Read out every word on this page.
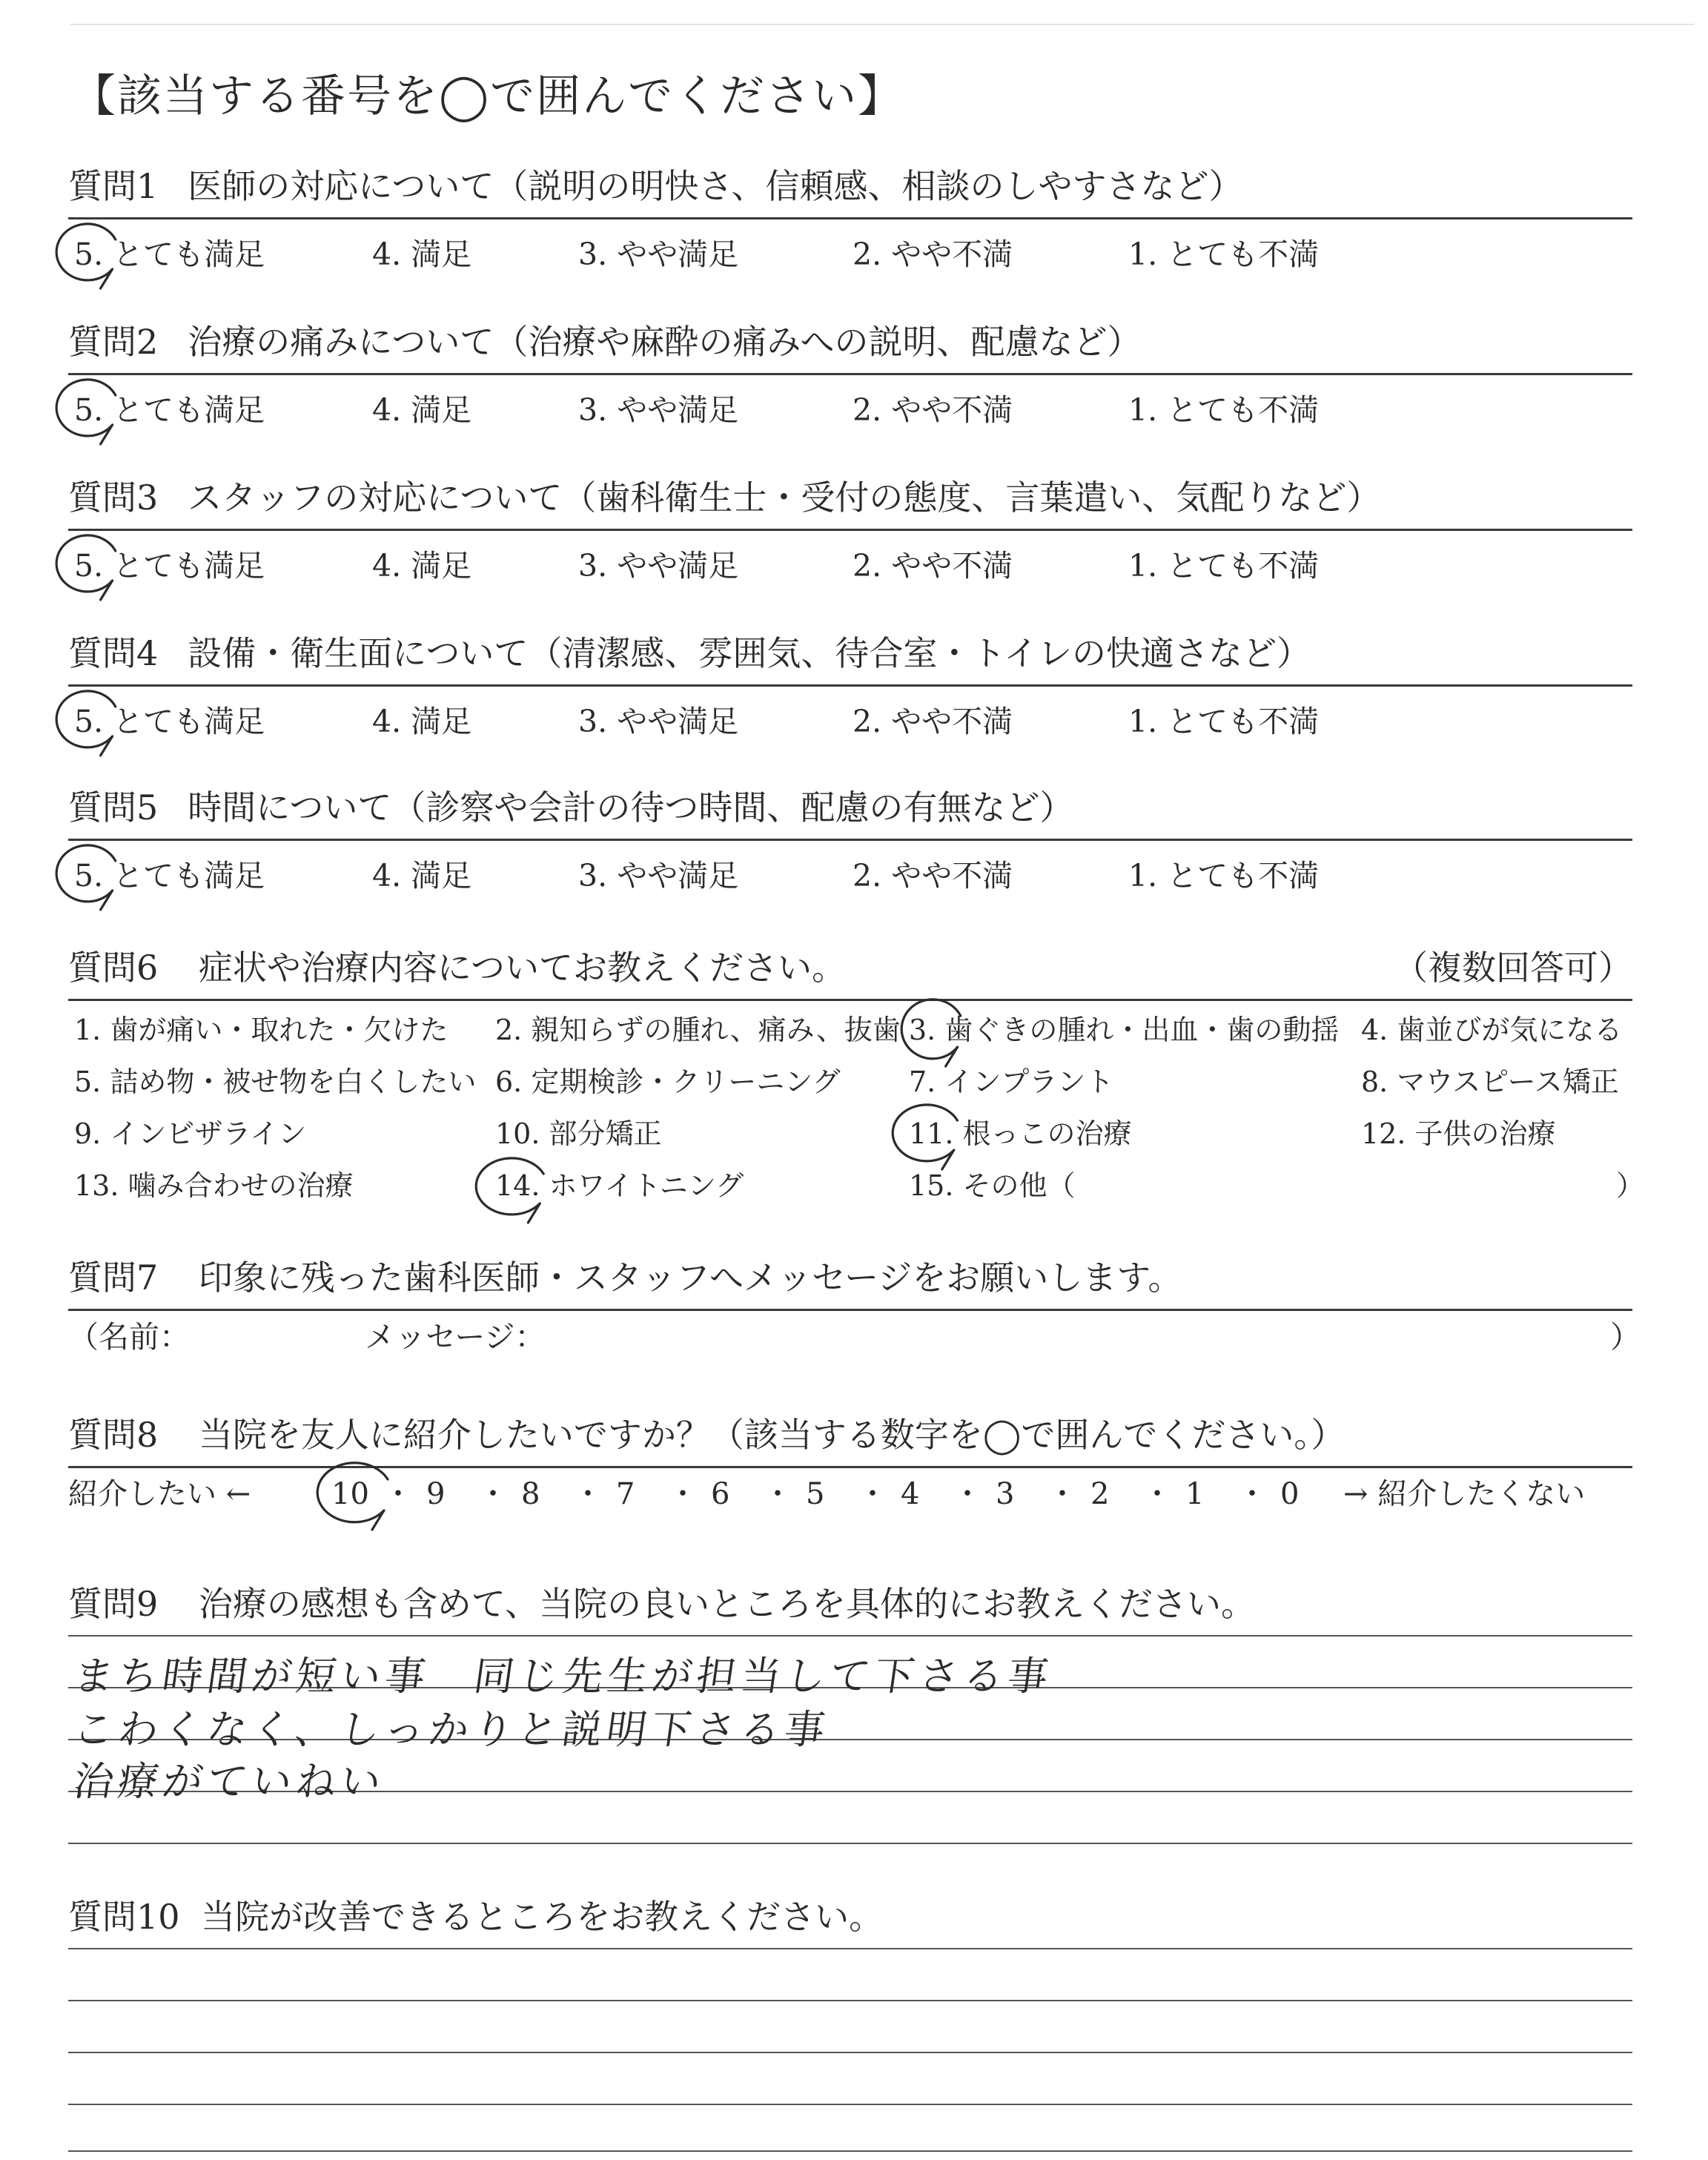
【該当する番号を◯で囲んでください】
質問1 医師の対応について（説明の明快さ、信頼感、相談のしやすさなど）
5. とても満足	4. 満足	3. やや満足	2. やや不満	1. とても不満
質問2 治療の痛みについて（治療や麻酔の痛みへの説明、配慮など）
5. とても満足	4. 満足	3. やや満足	2. やや不満	1. とても不満
質問3 スタッフの対応について（歯科衛生士・受付の態度、言葉遣い、気配りなど）
5. とても満足	4. 満足	3. やや満足	2. やや不満	1. とても不満
質問4 設備・衛生面について（清潔感、雰囲気、待合室・トイレの快適さなど）
5. とても満足	4. 満足	3. やや満足	2. やや不満	1. とても不満
質問5 時間について（診察や会計の待つ時間、配慮の有無など）
5. とても満足	4. 満足	3. やや満足	2. やや不満	1. とても不満
質問6 症状や治療内容についてお教えください。	（複数回答可）
1. 歯が痛い・取れた・欠けた 2. 親知らずの腫れ、痛み、抜歯 3. 歯ぐきの腫れ・出血・歯の動揺 4. 歯並びが気になる
5. 詰め物・被せ物を白くしたい 6. 定期検診・クリーニング 7. インプラント	8. マウスピース矯正
9. インビザライン	10. 部分矯正	11. 根っこの治療	12. 子供の治療
13. 噛み合わせの治療	14. ホワイトニング	15. その他（	）
質問7 印象に残った歯科医師・スタッフへメッセージをお願いします。
（名前：	メッセージ：	）
質問8 当院を友人に紹介したいですか？（該当する数字を◯で囲んでください。）
紹介したい ←	→ 紹介したくない
10 ・ 9 ・ 8 ・ 7 ・ 6 ・ 5 ・ 4 ・ 3 ・ 2 ・ 1 ・ 0
質問9 治療の感想も含めて、当院の良いところを具体的にお教えください。
まち時間が短い事　同じ先生が担当して下さる事
こわくなく、しっかりと説明下さる事
治療がていねい
質問10 当院が改善できるところをお教えください。
